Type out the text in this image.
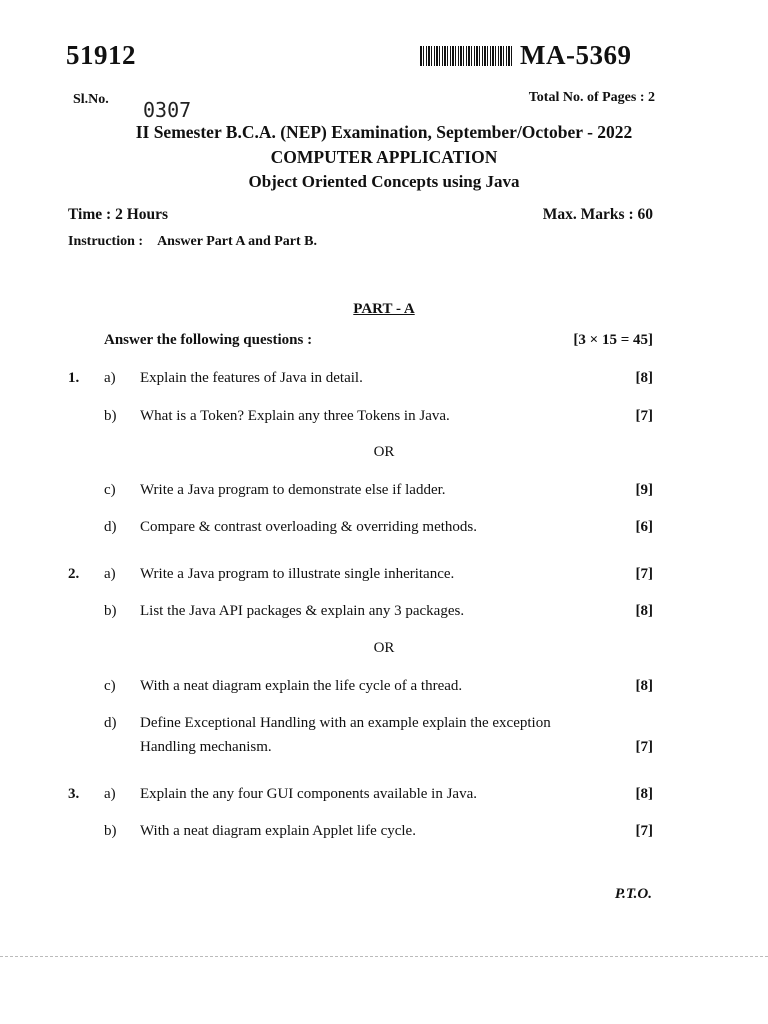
51912	MA-5369
Sl.No. 0307
Total No. of Pages : 2
II Semester B.C.A. (NEP) Examination, September/October - 2022
COMPUTER APPLICATION
Object Oriented Concepts using Java
Time : 2 Hours	Max. Marks : 60
Instruction : Answer Part A and Part B.
PART - A
Answer the following questions :	[3 × 15 = 45]
1. a) Explain the features of Java in detail.	[8]
b) What is a Token? Explain any three Tokens in Java.	[7]
OR
c) Write a Java program to demonstrate else if ladder.	[9]
d) Compare & contrast overloading & overriding methods.	[6]
2. a) Write a Java program to illustrate single inheritance.	[7]
b) List the Java API packages & explain any 3 packages.	[8]
OR
c) With a neat diagram explain the life cycle of a thread.	[8]
d) Define Exceptional Handling with an example explain the exception
Handling mechanism.	[7]
3. a) Explain the any four GUI components available in Java.	[8]
b) With a neat diagram explain Applet life cycle.	[7]
P.T.O.
